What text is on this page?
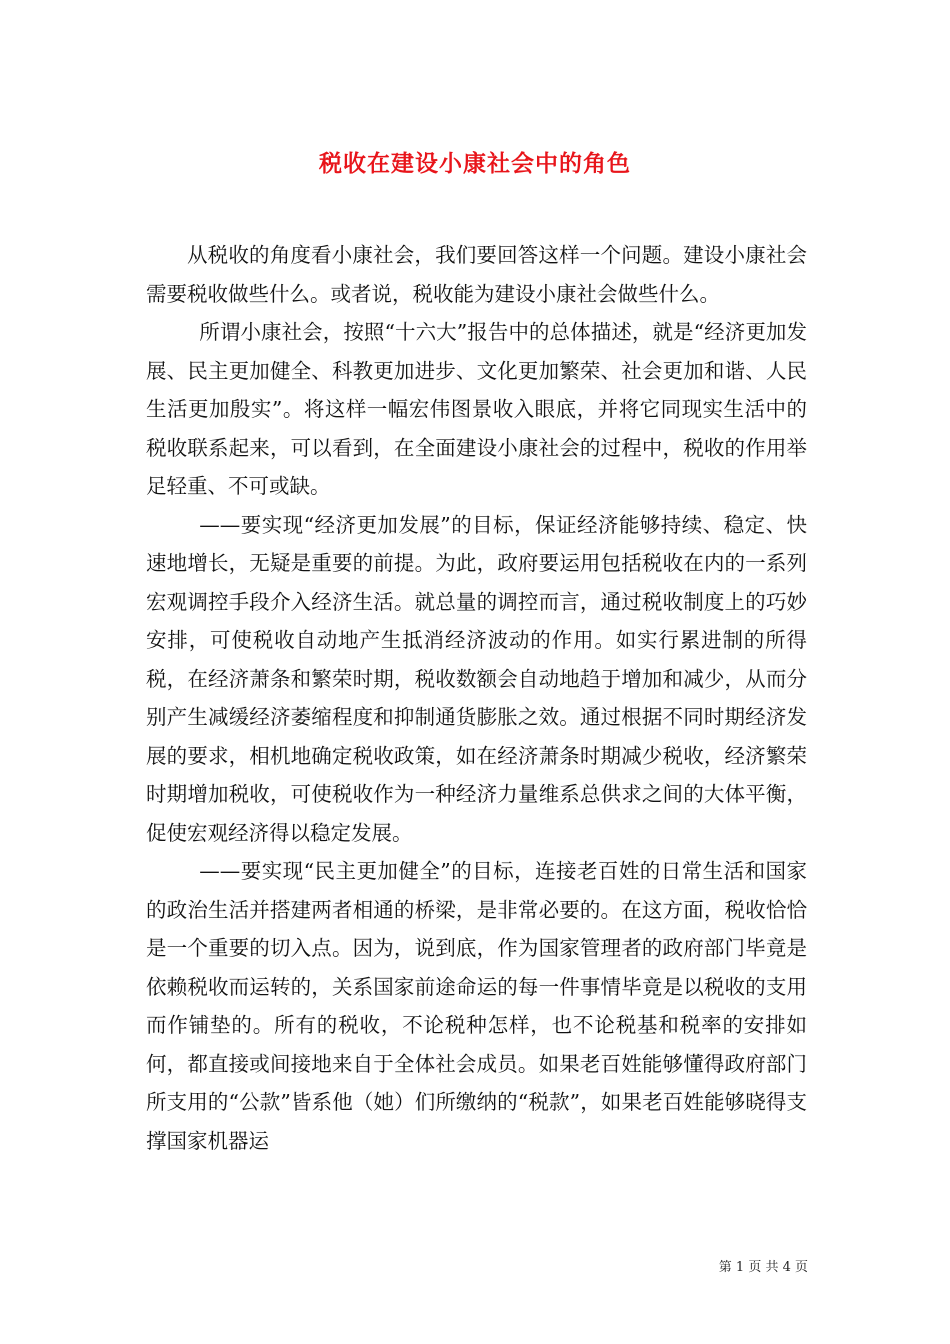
税收在建设小康社会中的角色

从税收的角度看小康社会，我们要回答这样一个问题。建设小康社会需要税收做些什么。或者说，税收能为建设小康社会做些什么。

所谓小康社会，按照“十六大”报告中的总体描述，就是“经济更加发展、民主更加健全、科教更加进步、文化更加繁荣、社会更加和谐、人民生活更加殷实”。将这样一幅宏伟图景收入眼底，并将它同现实生活中的税收联系起来，可以看到，在全面建设小康社会的过程中，税收的作用举足轻重、不可或缺。

——要实现“经济更加发展”的目标，保证经济能够持续、稳定、快速地增长，无疑是重要的前提。为此，政府要运用包括税收在内的一系列宏观调控手段介入经济生活。就总量的调控而言，通过税收制度上的巧妙安排，可使税收自动地产生抵消经济波动的作用。如实行累进制的所得税，在经济萧条和繁荣时期，税收数额会自动地趋于增加和减少，从而分别产生减缓经济萎缩程度和抑制通货膨胀之效。通过根据不同时期经济发展的要求，相机地确定税收政策，如在经济萧条时期减少税收，经济繁荣时期增加税收，可使税收作为一种经济力量维系总供求之间的大体平衡，促使宏观经济得以稳定发展。

——要实现“民主更加健全”的目标，连接老百姓的日常生活和国家的政治生活并搭建两者相通的桥梁，是非常必要的。在这方面，税收恰恰是一个重要的切入点。因为，说到底，作为国家管理者的政府部门毕竟是依赖税收而运转的，关系国家前途命运的每一件事情毕竟是以税收的支用而作铺垫的。所有的税收，不论税种怎样，也不论税基和税率的安排如何，都直接或间接地来自于全体社会成员。如果老百姓能够懂得政府部门所支用的“公款”皆系他（她）们所缴纳的“税款”，如果老百姓能够晓得支撑国家机器运

第 1 页 共 4 页
